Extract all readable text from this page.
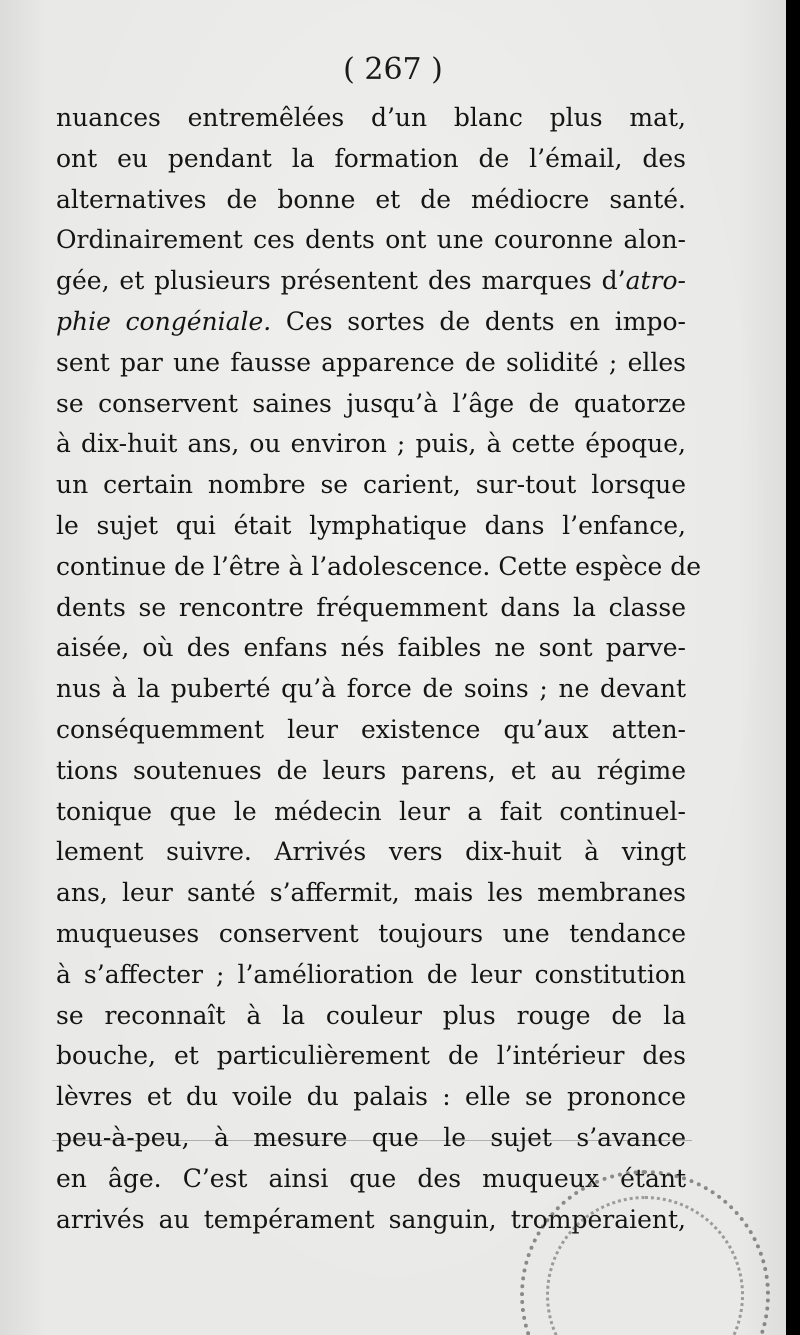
( 267 )
nuances entremêlées d’un blanc plus mat,
ont eu pendant la formation de l’émail, des
alternatives de bonne et de médiocre santé.
Ordinairement ces dents ont une couronne alon-
gée, et plusieurs présentent des marques d’atro-
phie congéniale. Ces sortes de dents en impo-
sent par une fausse apparence de solidité ; elles
se conservent saines jusqu’à l’âge de quatorze
à dix-huit ans, ou environ ; puis, à cette époque,
un certain nombre se carient, sur-tout lorsque
le sujet qui était lymphatique dans l’enfance,
continue de l’être à l’adolescence. Cette espèce de
dents se rencontre fréquemment dans la classe
aisée, où des enfans nés faibles ne sont parve-
nus à la puberté qu’à force de soins ; ne devant
conséquemment leur existence qu’aux atten-
tions soutenues de leurs parens, et au régime
tonique que le médecin leur a fait continuel-
lement suivre. Arrivés vers dix-huit à vingt
ans, leur santé s’affermit, mais les membranes
muqueuses conservent toujours une tendance
à s’affecter ; l’amélioration de leur constitution
se reconnaît à la couleur plus rouge de la
bouche, et particulièrement de l’intérieur des
lèvres et du voile du palais : elle se prononce
peu-à-peu, à mesure que le sujet s’avance
en âge. C’est ainsi que des muqueux étant
arrivés au tempérament sanguin, tromperaient,
